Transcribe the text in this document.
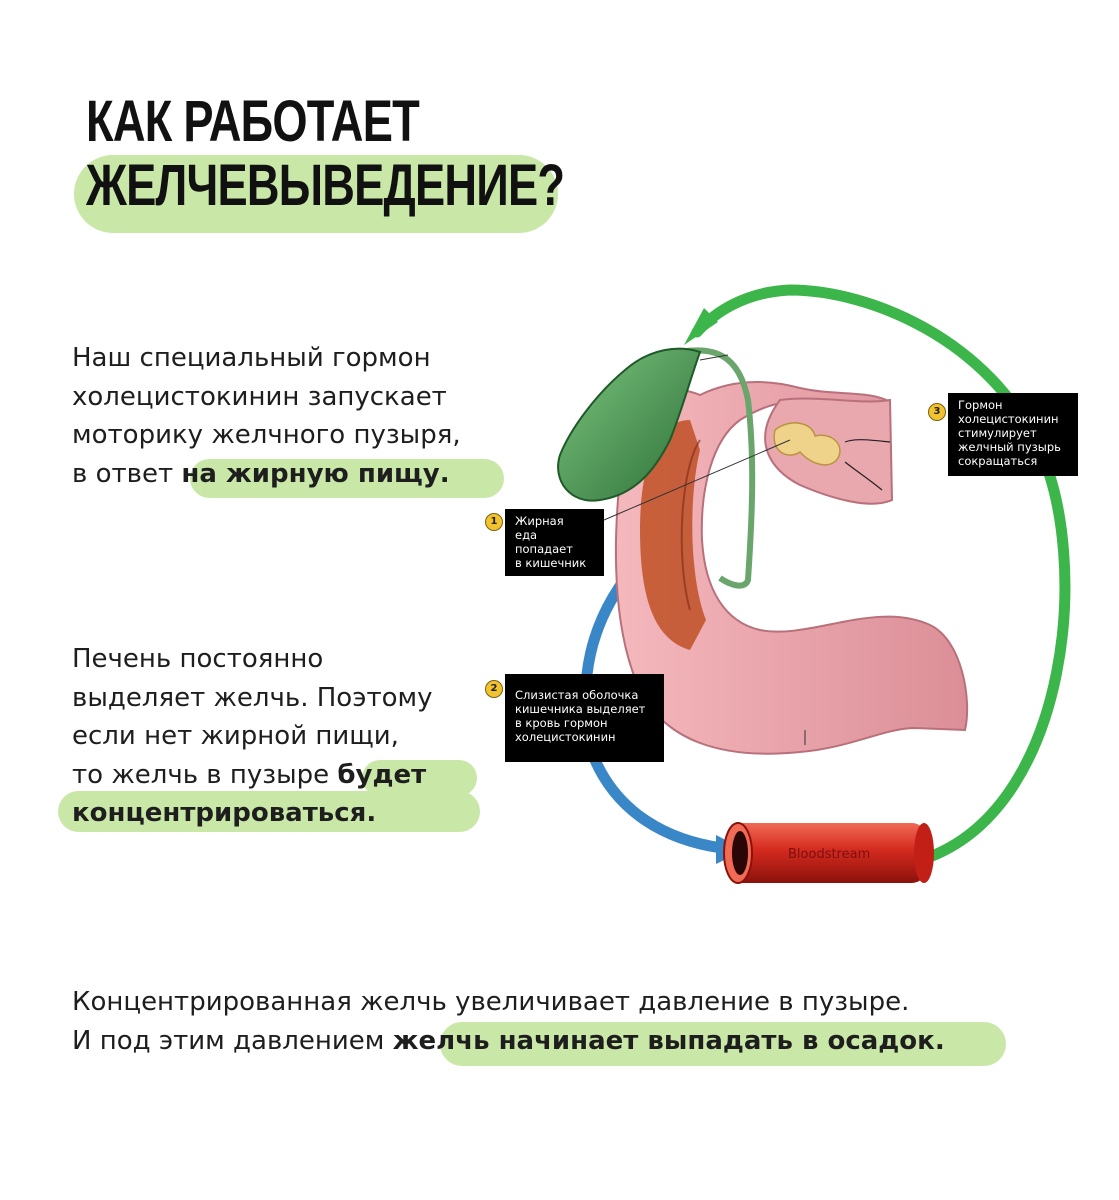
КАК РАБОТАЕТ
ЖЕЛЧЕВЫВЕДЕНИЕ?
Bloodstream
1	Жирная
еда
попадает
в кишечник
2	Слизистая оболочка
кишечника выделяет
в кровь гормон
холецистокинин
3	Гормон
холецистокинин
стимулирует
желчный пузырь
сокращаться
Наш специальный гормон
холецистокинин запускает
моторику желчного пузыря,
в ответ на жирную пищу.
Печень постоянно
выделяет желчь. Поэтому
если нет жирной пищи,
то желчь в пузыре будет
концентрироваться.
Концентрированная желчь увеличивает давление в пузыре.
И под этим давлением желчь начинает выпадать в осадок.
